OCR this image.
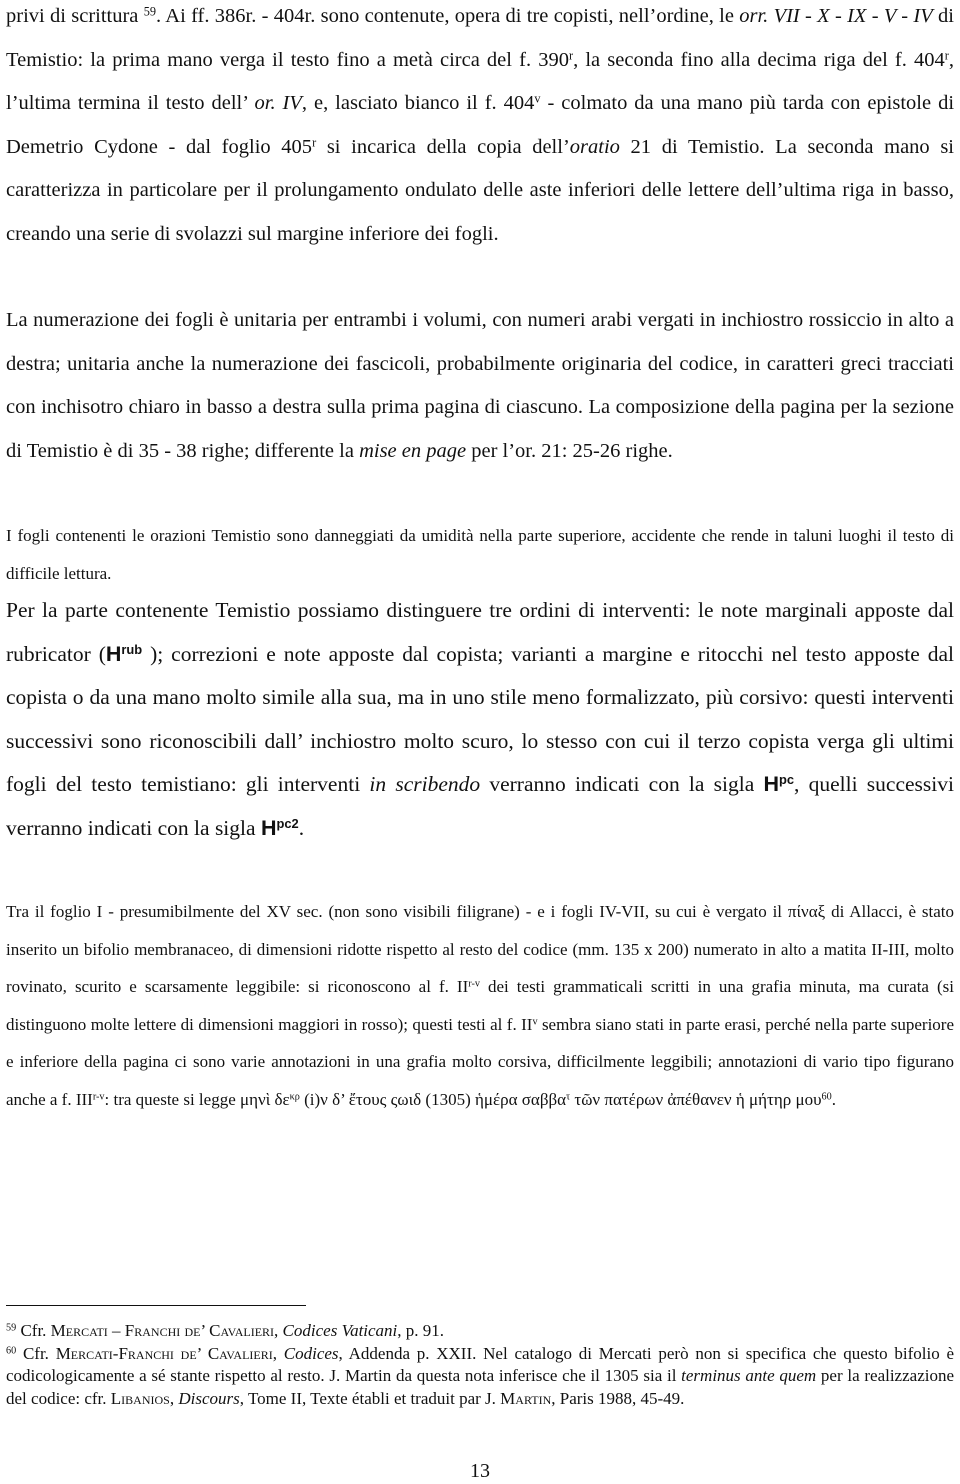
privi di scrittura $^{59}$. Ai ff. 386r. - 404r. sono contenute, opera di tre copisti, nell’ordine, le orr. VII - X - IX - V - IV di Temistio: la prima mano verga il testo fino a metà circa del f. 390$^r$, la seconda fino alla decima riga del f. 404$^r$, l’ultima termina il testo dell’ or. IV, e, lasciato bianco il f. 404$^v$ - colmato da una mano più tarda con epistole di Demetrio Cydone - dal foglio 405$^r$ si incarica della copia dell’oratio 21 di Temistio. La seconda mano si caratterizza in particolare per il prolungamento ondulato delle aste inferiori delle lettere dell’ultima riga in basso, creando una serie di svolazzi sul margine inferiore dei fogli.

La numerazione dei fogli è unitaria per entrambi i volumi, con numeri arabi vergati in inchiostro rossiccio in alto a destra; unitaria anche la numerazione dei fascicoli, probabilmente originaria del codice, in caratteri greci tracciati con inchisotro chiaro in basso a destra sulla prima pagina di ciascuno. La composizione della pagina per la sezione di Temistio è di 35 - 38 righe; differente la mise en page per l’or. 21: 25-26 righe.

I fogli contenenti le orazioni Temistio sono danneggiati da umidità nella parte superiore, accidente che rende in taluni luoghi il testo di difficile lettura.

Per la parte contenente Temistio possiamo distinguere tre ordini di interventi: le note marginali apposte dal rubricator ($H^{rub}$ ); correzioni e note apposte dal copista; varianti a margine e ritocchi nel testo apposte dal copista o da una mano molto simile alla sua, ma in uno stile meno formalizzato, più corsivo: questi interventi successivi sono riconoscibili dall’ inchiostro molto scuro, lo stesso con cui il terzo copista verga gli ultimi fogli del testo temistiano: gli interventi in scribendo verranno indicati con la sigla $H^{pc}$, quelli successivi verranno indicati con la sigla $H^{pc2}$.

Tra il foglio I - presumibilmente del XV sec. (non sono visibili filigrane) - e i fogli IV-VII, su cui è vergato il πίναξ di Allacci, è stato inserito un bifolio membranaceo, di dimensioni ridotte rispetto al resto del codice (mm. 135 x 200) numerato in alto a matita II-III, molto rovinato, scurito e scarsamente leggibile: si riconoscono al f. II$^{r-v}$ dei testi grammaticali scritti in una grafia minuta, ma curata (si distinguono molte lettere di dimensioni maggiori in rosso); questi testi al f. $II^v$ sembra siano stati in parte erasi, perché nella parte superiore e inferiore della pagina ci sono varie annotazioni in una grafia molto corsiva, difficilmente leggibili; annotazioni di vario tipo figurano anche a f. III$^{r-v}$: tra queste si legge μηνὶ $\delta\varepsilon^{\kappa\rho}$ (i)ν δ’ ἔτους ςωιδ (1305) ἡμέρα σαββα$^\tau$ τῶν πατέρων ἀπέθανεν ἡ μήτηρ μου$^{60}$.

$^{59}$ Cfr. Mercati – Franchi de’ Cavalieri, Codices Vaticani, p. 91.

$^{60}$ Cfr. Mercati-Franchi de’ Cavalieri, Codices, Addenda p. XXII. Nel catalogo di Mercati però non si specifica che questo bifolio è codicologicamente a sé stante rispetto al resto. J. Martin da questa nota inferisce che il 1305 sia il terminus ante quem per la realizzazione del codice: cfr. Libanios, Discours, Tome II, Texte établi et traduit par J. Martin, Paris 1988, 45-49.

13
